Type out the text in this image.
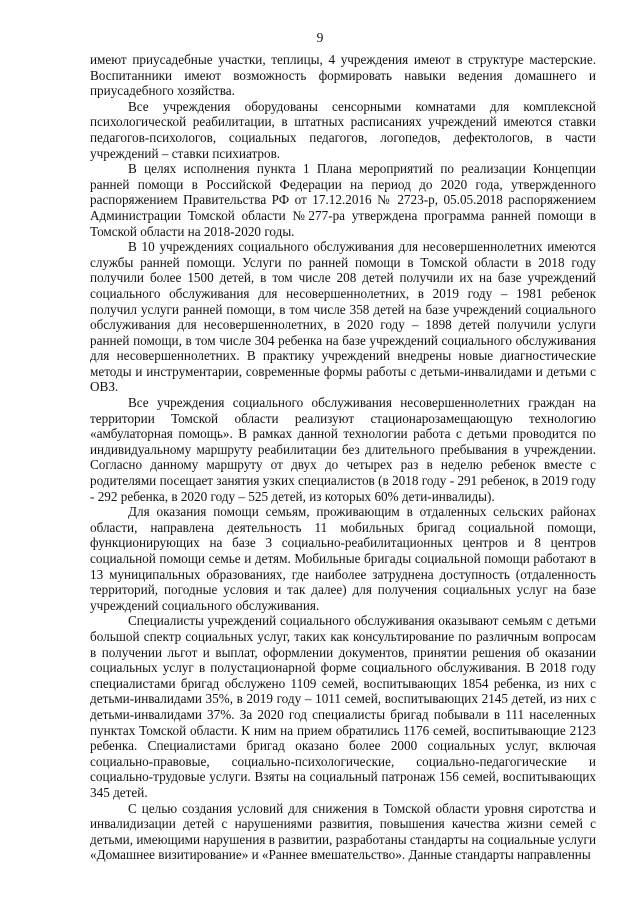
9

имеют приусадебные участки, теплицы, 4 учреждения имеют в структуре мастерские. Воспитанники имеют возможность формировать навыки ведения домашнего и приусадебного хозяйства.

Все учреждения оборудованы сенсорными комнатами для комплексной психологической реабилитации, в штатных расписаниях учреждений имеются ставки педагогов-психологов, социальных педагогов, логопедов, дефектологов, в части учреждений – ставки психиатров.

В целях исполнения пункта 1 Плана мероприятий по реализации Концепции ранней помощи в Российской Федерации на период до 2020 года, утвержденного распоряжением Правительства РФ от 17.12.2016 № 2723-р, 05.05.2018 распоряжением Администрации Томской области №277-ра утверждена программа ранней помощи в Томской области на 2018-2020 годы.

В 10 учреждениях социального обслуживания для несовершеннолетних имеются службы ранней помощи. Услуги по ранней помощи в Томской области в 2018 году получили более 1500 детей, в том числе 208 детей получили их на базе учреждений социального обслуживания для несовершеннолетних, в 2019 году – 1981 ребенок получил услуги ранней помощи, в том числе 358 детей на базе учреждений социального обслуживания для несовершеннолетних, в 2020 году – 1898 детей получили услуги ранней помощи, в том числе 304 ребенка на базе учреждений социального обслуживания для несовершеннолетних. В практику учреждений внедрены новые диагностические методы и инструментарии, современные формы работы с детьми-инвалидами и детьми с ОВЗ.

Все учреждения социального обслуживания несовершеннолетних граждан на территории Томской области реализуют стационарозамещающую технологию «амбулаторная помощь». В рамках данной технологии работа с детьми проводится по индивидуальному маршруту реабилитации без длительного пребывания в учреждении. Согласно данному маршруту от двух до четырех раз в неделю ребенок вместе с родителями посещает занятия узких специалистов (в 2018 году - 291 ребенок, в 2019 году - 292 ребенка, в 2020 году – 525 детей, из которых 60% дети-инвалиды).

Для оказания помощи семьям, проживающим в отдаленных сельских районах области, направлена деятельность 11 мобильных бригад социальной помощи, функционирующих на базе 3 социально-реабилитационных центров и 8 центров социальной помощи семье и детям. Мобильные бригады социальной помощи работают в 13 муниципальных образованиях, где наиболее затруднена доступность (отдаленность территорий, погодные условия и так далее) для получения социальных услуг на базе учреждений социального обслуживания.

Специалисты учреждений социального обслуживания оказывают семьям с детьми большой спектр социальных услуг, таких как консультирование по различным вопросам в получении льгот и выплат, оформлении документов, принятии решения об оказании социальных услуг в полустационарной форме социального обслуживания. В 2018 году специалистами бригад обслужено 1109 семей, воспитывающих 1854 ребенка, из них с детьми-инвалидами 35%, в 2019 году – 1011 семей, воспитывающих 2145 детей, из них с детьми-инвалидами 37%. За 2020 год специалисты бригад побывали в 111 населенных пунктах Томской области. К ним на прием обратились 1176 семей, воспитывающие 2123 ребенка. Специалистами бригад оказано более 2000 социальных услуг, включая социально-правовые, социально-психологические, социально-педагогические и социально-трудовые услуги. Взяты на социальный патронаж 156 семей, воспитывающих 345 детей.

С целью создания условий для снижения в Томской области уровня сиротства и инвалидизации детей с нарушениями развития, повышения качества жизни семей с детьми, имеющими нарушения в развитии, разработаны стандарты на социальные услуги «Домашнее визитирование» и «Раннее вмешательство». Данные стандарты направленны
